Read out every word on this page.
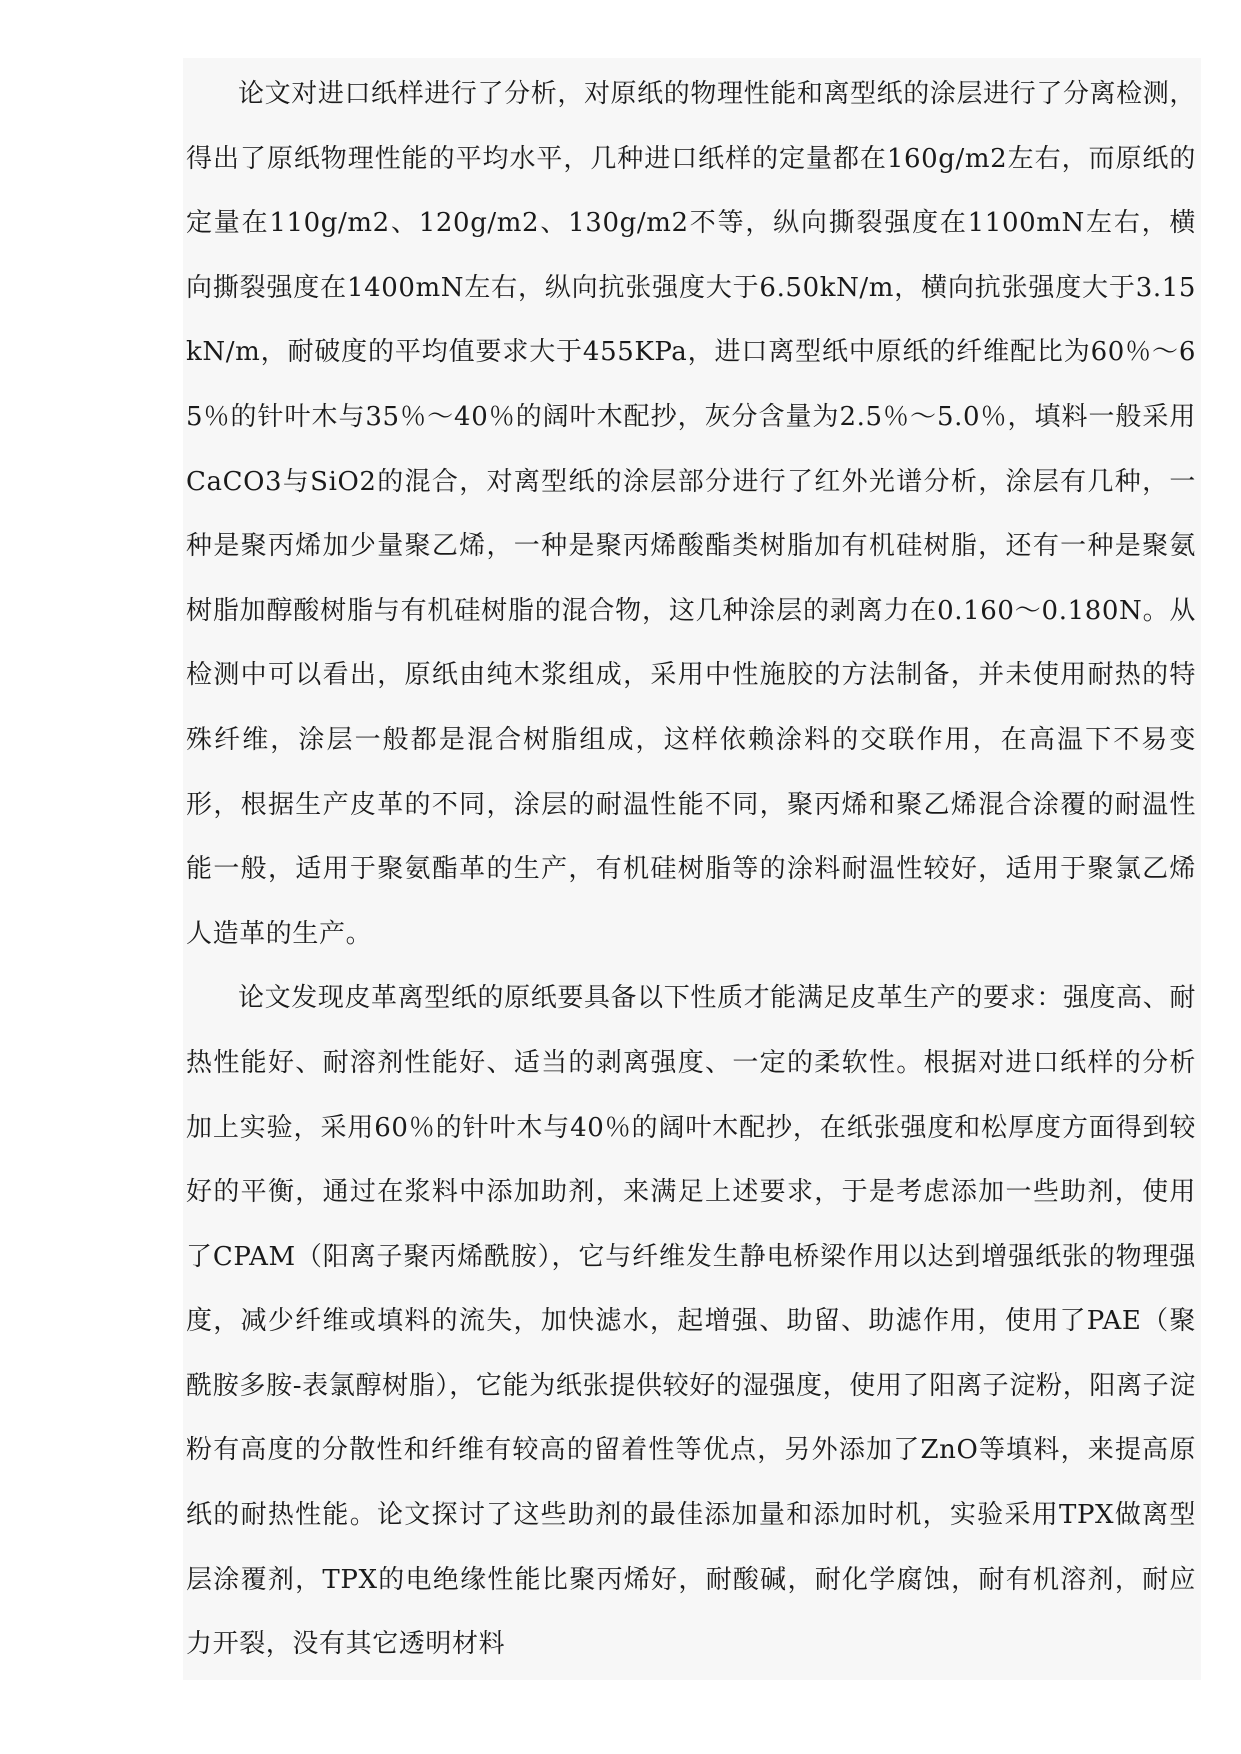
论文对进口纸样进行了分析，对原纸的物理性能和离型纸的涂层进行了分离检测，得出了原纸物理性能的平均水平，几种进口纸样的定量都在160g/m2左右，而原纸的定量在110g/m2、120g/m2、130g/m2不等，纵向撕裂强度在1100mN左右，横向撕裂强度在1400mN左右，纵向抗张强度大于6.50kN/m，横向抗张强度大于3.15kN/m，耐破度的平均值要求大于455KPa，进口离型纸中原纸的纤维配比为60％～65％的针叶木与35％～40％的阔叶木配抄，灰分含量为2.5％～5.0％，填料一般采用CaCO3与SiO2的混合，对离型纸的涂层部分进行了红外光谱分析，涂层有几种，一种是聚丙烯加少量聚乙烯，一种是聚丙烯酸酯类树脂加有机硅树脂，还有一种是聚氨树脂加醇酸树脂与有机硅树脂的混合物，这几种涂层的剥离力在0.160～0.180N。从检测中可以看出，原纸由纯木浆组成，采用中性施胶的方法制备，并未使用耐热的特殊纤维，涂层一般都是混合树脂组成，这样依赖涂料的交联作用，在高温下不易变形，根据生产皮革的不同，涂层的耐温性能不同，聚丙烯和聚乙烯混合涂覆的耐温性能一般，适用于聚氨酯革的生产，有机硅树脂等的涂料耐温性较好，适用于聚氯乙烯人造革的生产。

论文发现皮革离型纸的原纸要具备以下性质才能满足皮革生产的要求：强度高、耐热性能好、耐溶剂性能好、适当的剥离强度、一定的柔软性。根据对进口纸样的分析加上实验，采用60％的针叶木与40％的阔叶木配抄，在纸张强度和松厚度方面得到较好的平衡，通过在浆料中添加助剂，来满足上述要求，于是考虑添加一些助剂，使用了CPAM（阳离子聚丙烯酰胺），它与纤维发生静电桥梁作用以达到增强纸张的物理强度，减少纤维或填料的流失，加快滤水，起增强、助留、助滤作用，使用了PAE（聚酰胺多胺-表氯醇树脂），它能为纸张提供较好的湿强度，使用了阳离子淀粉，阳离子淀粉有高度的分散性和纤维有较高的留着性等优点，另外添加了ZnO等填料，来提高原纸的耐热性能。论文探讨了这些助剂的最佳添加量和添加时机，实验采用TPX做离型层涂覆剂，TPX的电绝缘性能比聚丙烯好，耐酸碱，耐化学腐蚀，耐有机溶剂，耐应力开裂，没有其它透明材料
